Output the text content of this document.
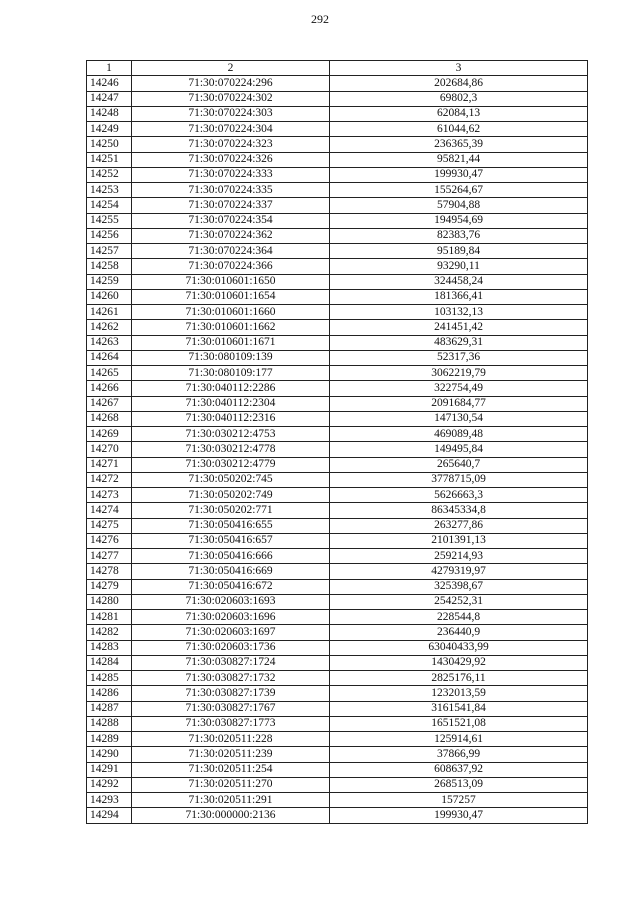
292
1	2	3
14246	71:30:070224:296	202684,86
14247	71:30:070224:302	69802,3
14248	71:30:070224:303	62084,13
14249	71:30:070224:304	61044,62
14250	71:30:070224:323	236365,39
14251	71:30:070224:326	95821,44
14252	71:30:070224:333	199930,47
14253	71:30:070224:335	155264,67
14254	71:30:070224:337	57904,88
14255	71:30:070224:354	194954,69
14256	71:30:070224:362	82383,76
14257	71:30:070224:364	95189,84
14258	71:30:070224:366	93290,11
14259	71:30:010601:1650	324458,24
14260	71:30:010601:1654	181366,41
14261	71:30:010601:1660	103132,13
14262	71:30:010601:1662	241451,42
14263	71:30:010601:1671	483629,31
14264	71:30:080109:139	52317,36
14265	71:30:080109:177	3062219,79
14266	71:30:040112:2286	322754,49
14267	71:30:040112:2304	2091684,77
14268	71:30:040112:2316	147130,54
14269	71:30:030212:4753	469089,48
14270	71:30:030212:4778	149495,84
14271	71:30:030212:4779	265640,7
14272	71:30:050202:745	3778715,09
14273	71:30:050202:749	5626663,3
14274	71:30:050202:771	86345334,8
14275	71:30:050416:655	263277,86
14276	71:30:050416:657	2101391,13
14277	71:30:050416:666	259214,93
14278	71:30:050416:669	4279319,97
14279	71:30:050416:672	325398,67
14280	71:30:020603:1693	254252,31
14281	71:30:020603:1696	228544,8
14282	71:30:020603:1697	236440,9
14283	71:30:020603:1736	63040433,99
14284	71:30:030827:1724	1430429,92
14285	71:30:030827:1732	2825176,11
14286	71:30:030827:1739	1232013,59
14287	71:30:030827:1767	3161541,84
14288	71:30:030827:1773	1651521,08
14289	71:30:020511:228	125914,61
14290	71:30:020511:239	37866,99
14291	71:30:020511:254	608637,92
14292	71:30:020511:270	268513,09
14293	71:30:020511:291	157257
14294	71:30:000000:2136	199930,47
